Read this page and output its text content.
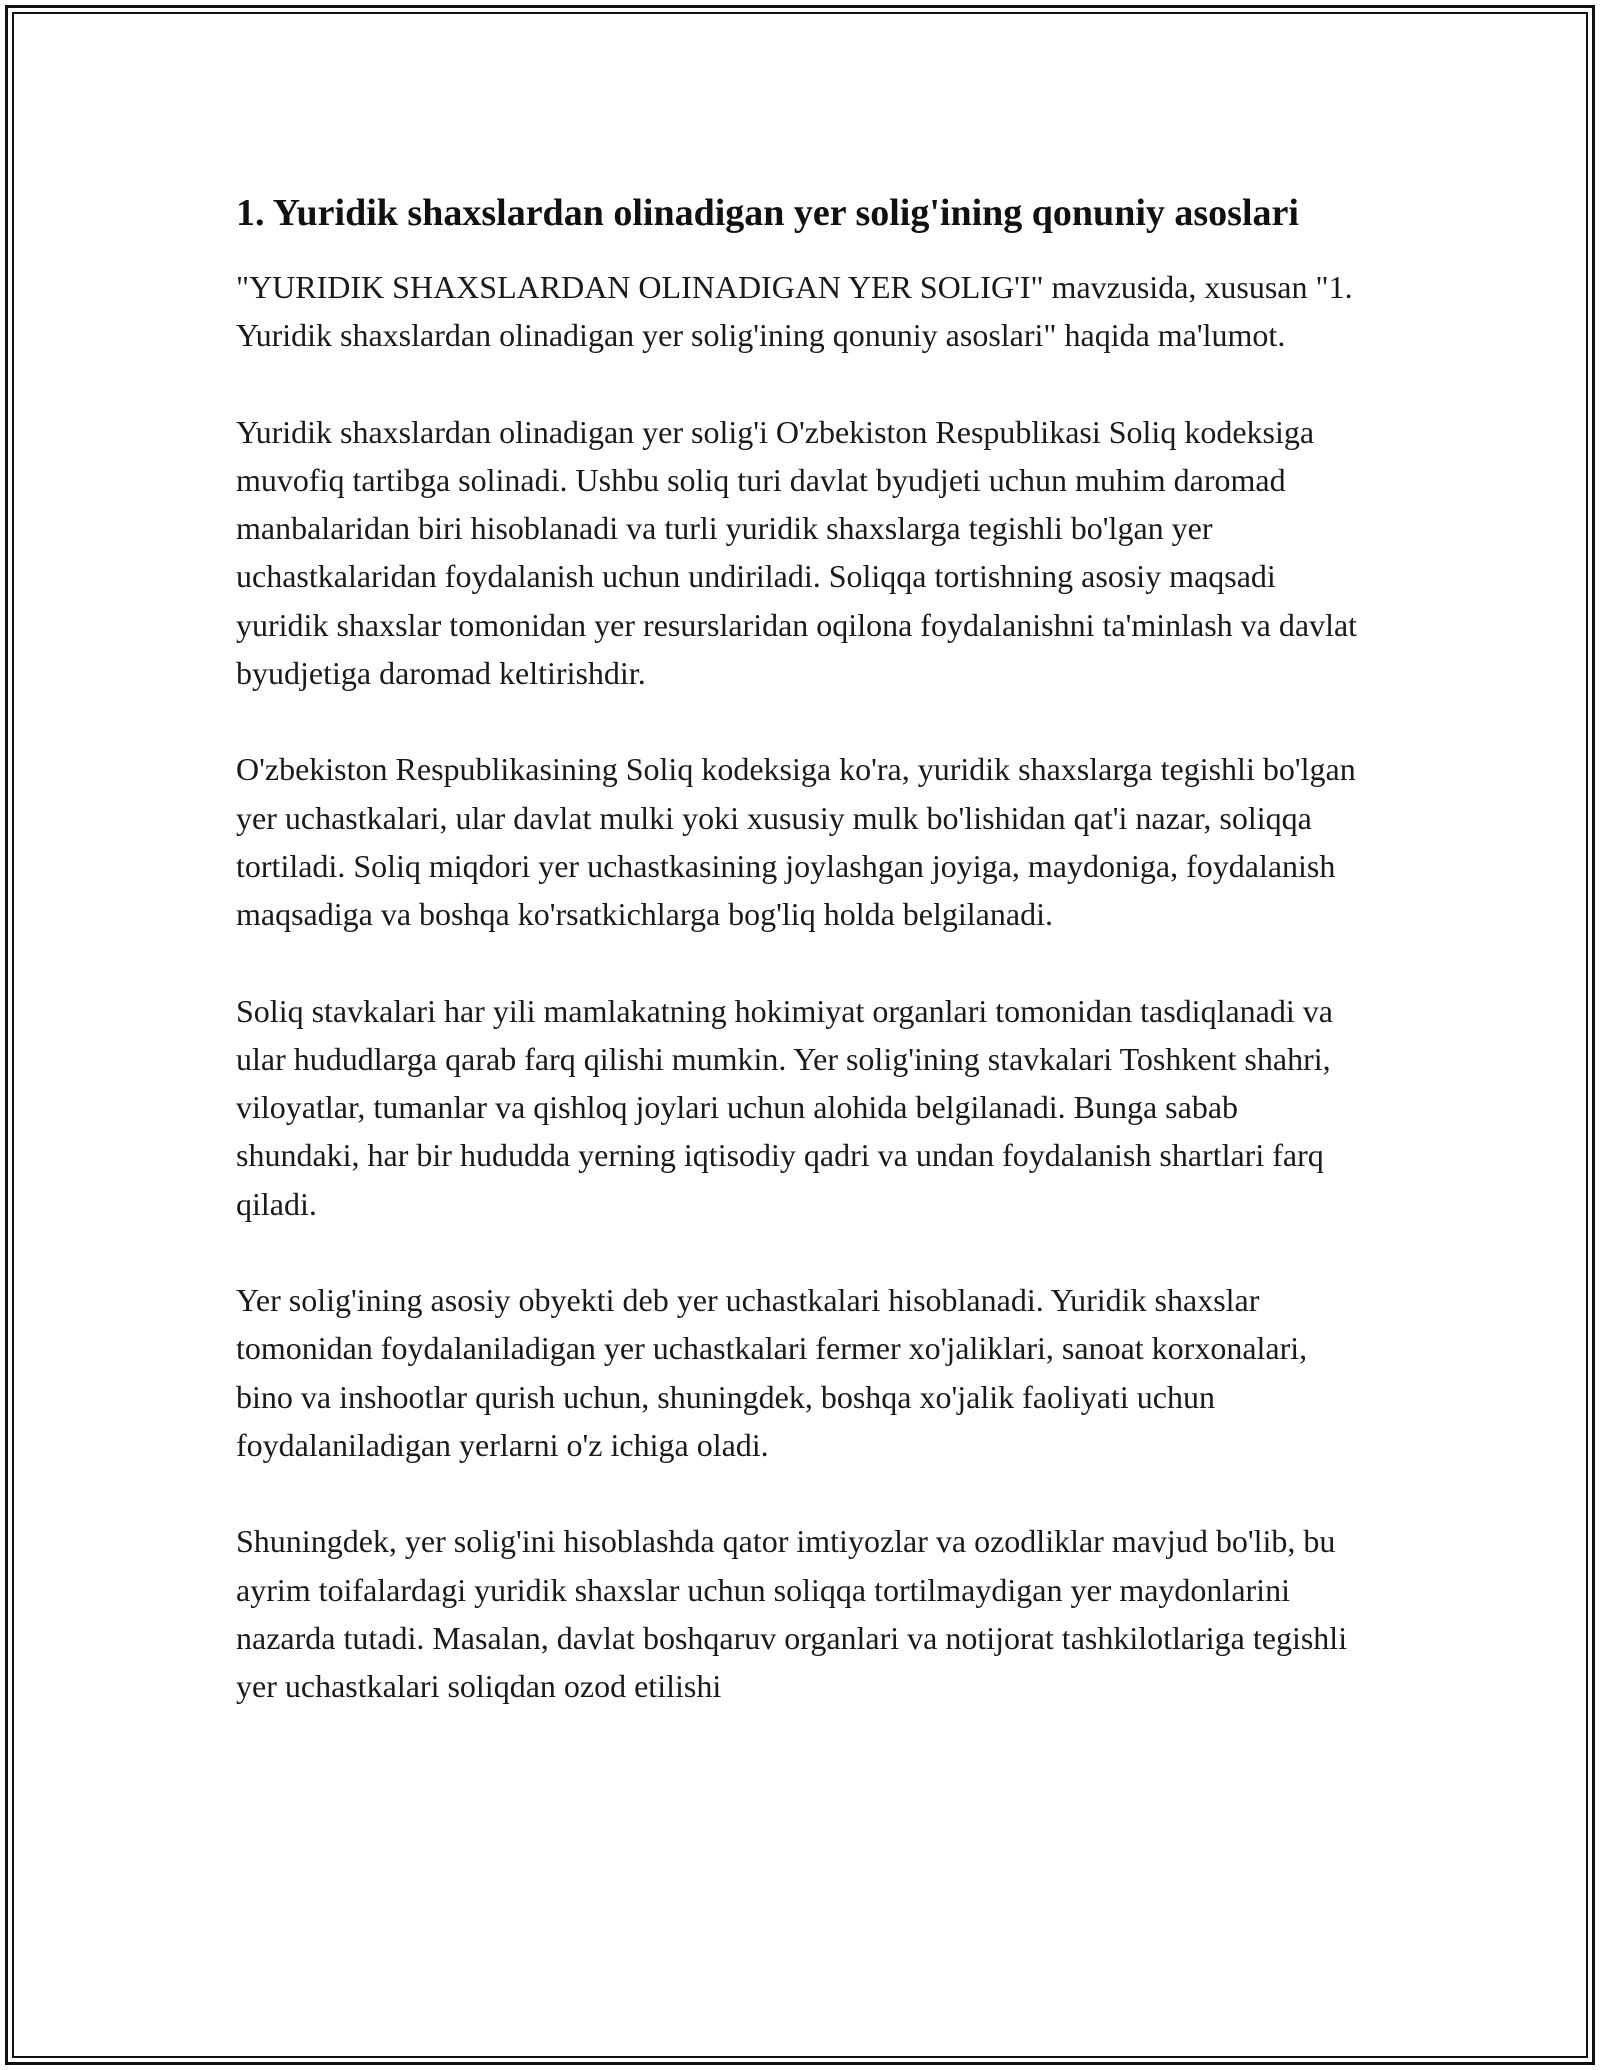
1. Yuridik shaxslardan olinadigan yer solig'ining qonuniy asoslari

"YURIDIK SHAXSLARDAN OLINADIGAN YER SOLIG'I" mavzusida, xususan "1. Yuridik shaxslardan olinadigan yer solig'ining qonuniy asoslari" haqida ma'lumot.

Yuridik shaxslardan olinadigan yer solig'i O'zbekiston Respublikasi Soliq kodeksiga muvofiq tartibga solinadi. Ushbu soliq turi davlat byudjeti uchun muhim daromad manbalaridan biri hisoblanadi va turli yuridik shaxslarga tegishli bo'lgan yer uchastkalaridan foydalanish uchun undiriladi. Soliqqa tortishning asosiy maqsadi yuridik shaxslar tomonidan yer resurslaridan oqilona foydalanishni ta'minlash va davlat byudjetiga daromad keltirishdir.

O'zbekiston Respublikasining Soliq kodeksiga ko'ra, yuridik shaxslarga tegishli bo'lgan yer uchastkalari, ular davlat mulki yoki xususiy mulk bo'lishidan qat'i nazar, soliqqa tortiladi. Soliq miqdori yer uchastkasining joylashgan joyiga, maydoniga, foydalanish maqsadiga va boshqa ko'rsatkichlarga bog'liq holda belgilanadi.

Soliq stavkalari har yili mamlakatning hokimiyat organlari tomonidan tasdiqlanadi va ular hududlarga qarab farq qilishi mumkin. Yer solig'ining stavkalari Toshkent shahri, viloyatlar, tumanlar va qishloq joylari uchun alohida belgilanadi. Bunga sabab shundaki, har bir hududda yerning iqtisodiy qadri va undan foydalanish shartlari farq qiladi.

Yer solig'ining asosiy obyekti deb yer uchastkalari hisoblanadi. Yuridik shaxslar tomonidan foydalaniladigan yer uchastkalari fermer xo'jaliklari, sanoat korxonalari, bino va inshootlar qurish uchun, shuningdek, boshqa xo'jalik faoliyati uchun foydalaniladigan yerlarni o'z ichiga oladi.

Shuningdek, yer solig'ini hisoblashda qator imtiyozlar va ozodliklar mavjud bo'lib, bu ayrim toifalardagi yuridik shaxslar uchun soliqqa tortilmaydigan yer maydonlarini nazarda tutadi. Masalan, davlat boshqaruv organlari va notijorat tashkilotlariga tegishli yer uchastkalari soliqdan ozod etilishi
